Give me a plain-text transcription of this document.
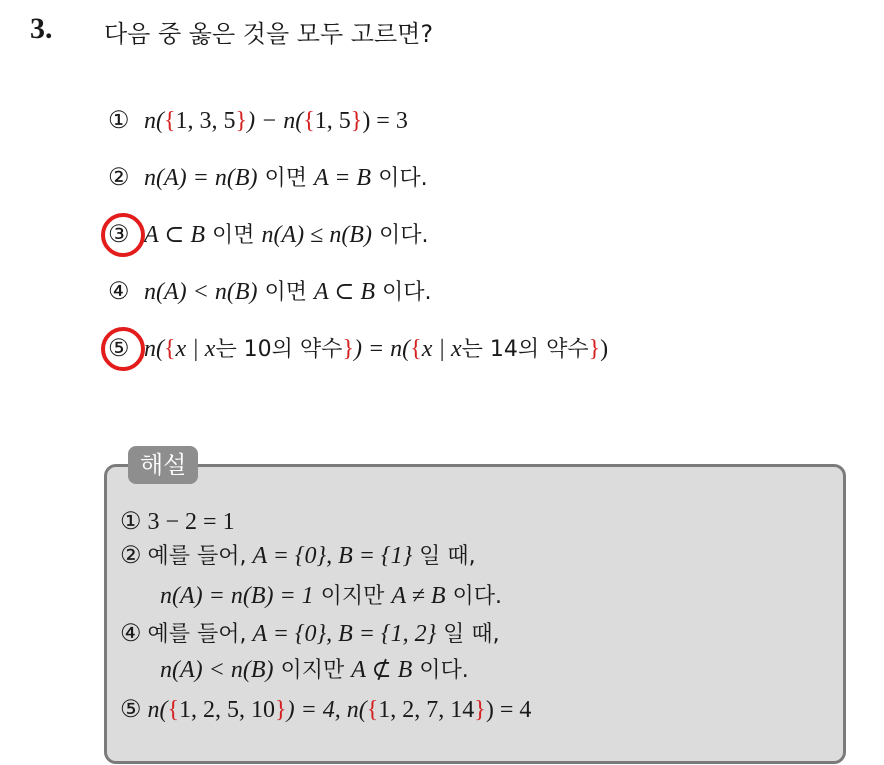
3. 다음 중 옳은 것을 모두 고르면?
① n({1, 3, 5}) − n({1, 5}) = 3
② n(A) = n(B) 이면 A = B 이다.
③ A ⊂ B 이면 n(A) ≤ n(B) 이다.
④ n(A) < n(B) 이면 A ⊂ B 이다.
⑤ n({x | x는 10의 약수}) = n({x | x는 14의 약수})
해설
① 3 − 2 = 1
② 예를 들어, A = {0}, B = {1} 일 때,
n(A) = n(B) = 1 이지만 A ≠ B 이다.
④ 예를 들어, A = {0}, B = {1, 2} 일 때,
n(A) < n(B) 이지만 A ⊄ B 이다.
⑤ n({1, 2, 5, 10}) = 4, n({1, 2, 7, 14}) = 4
